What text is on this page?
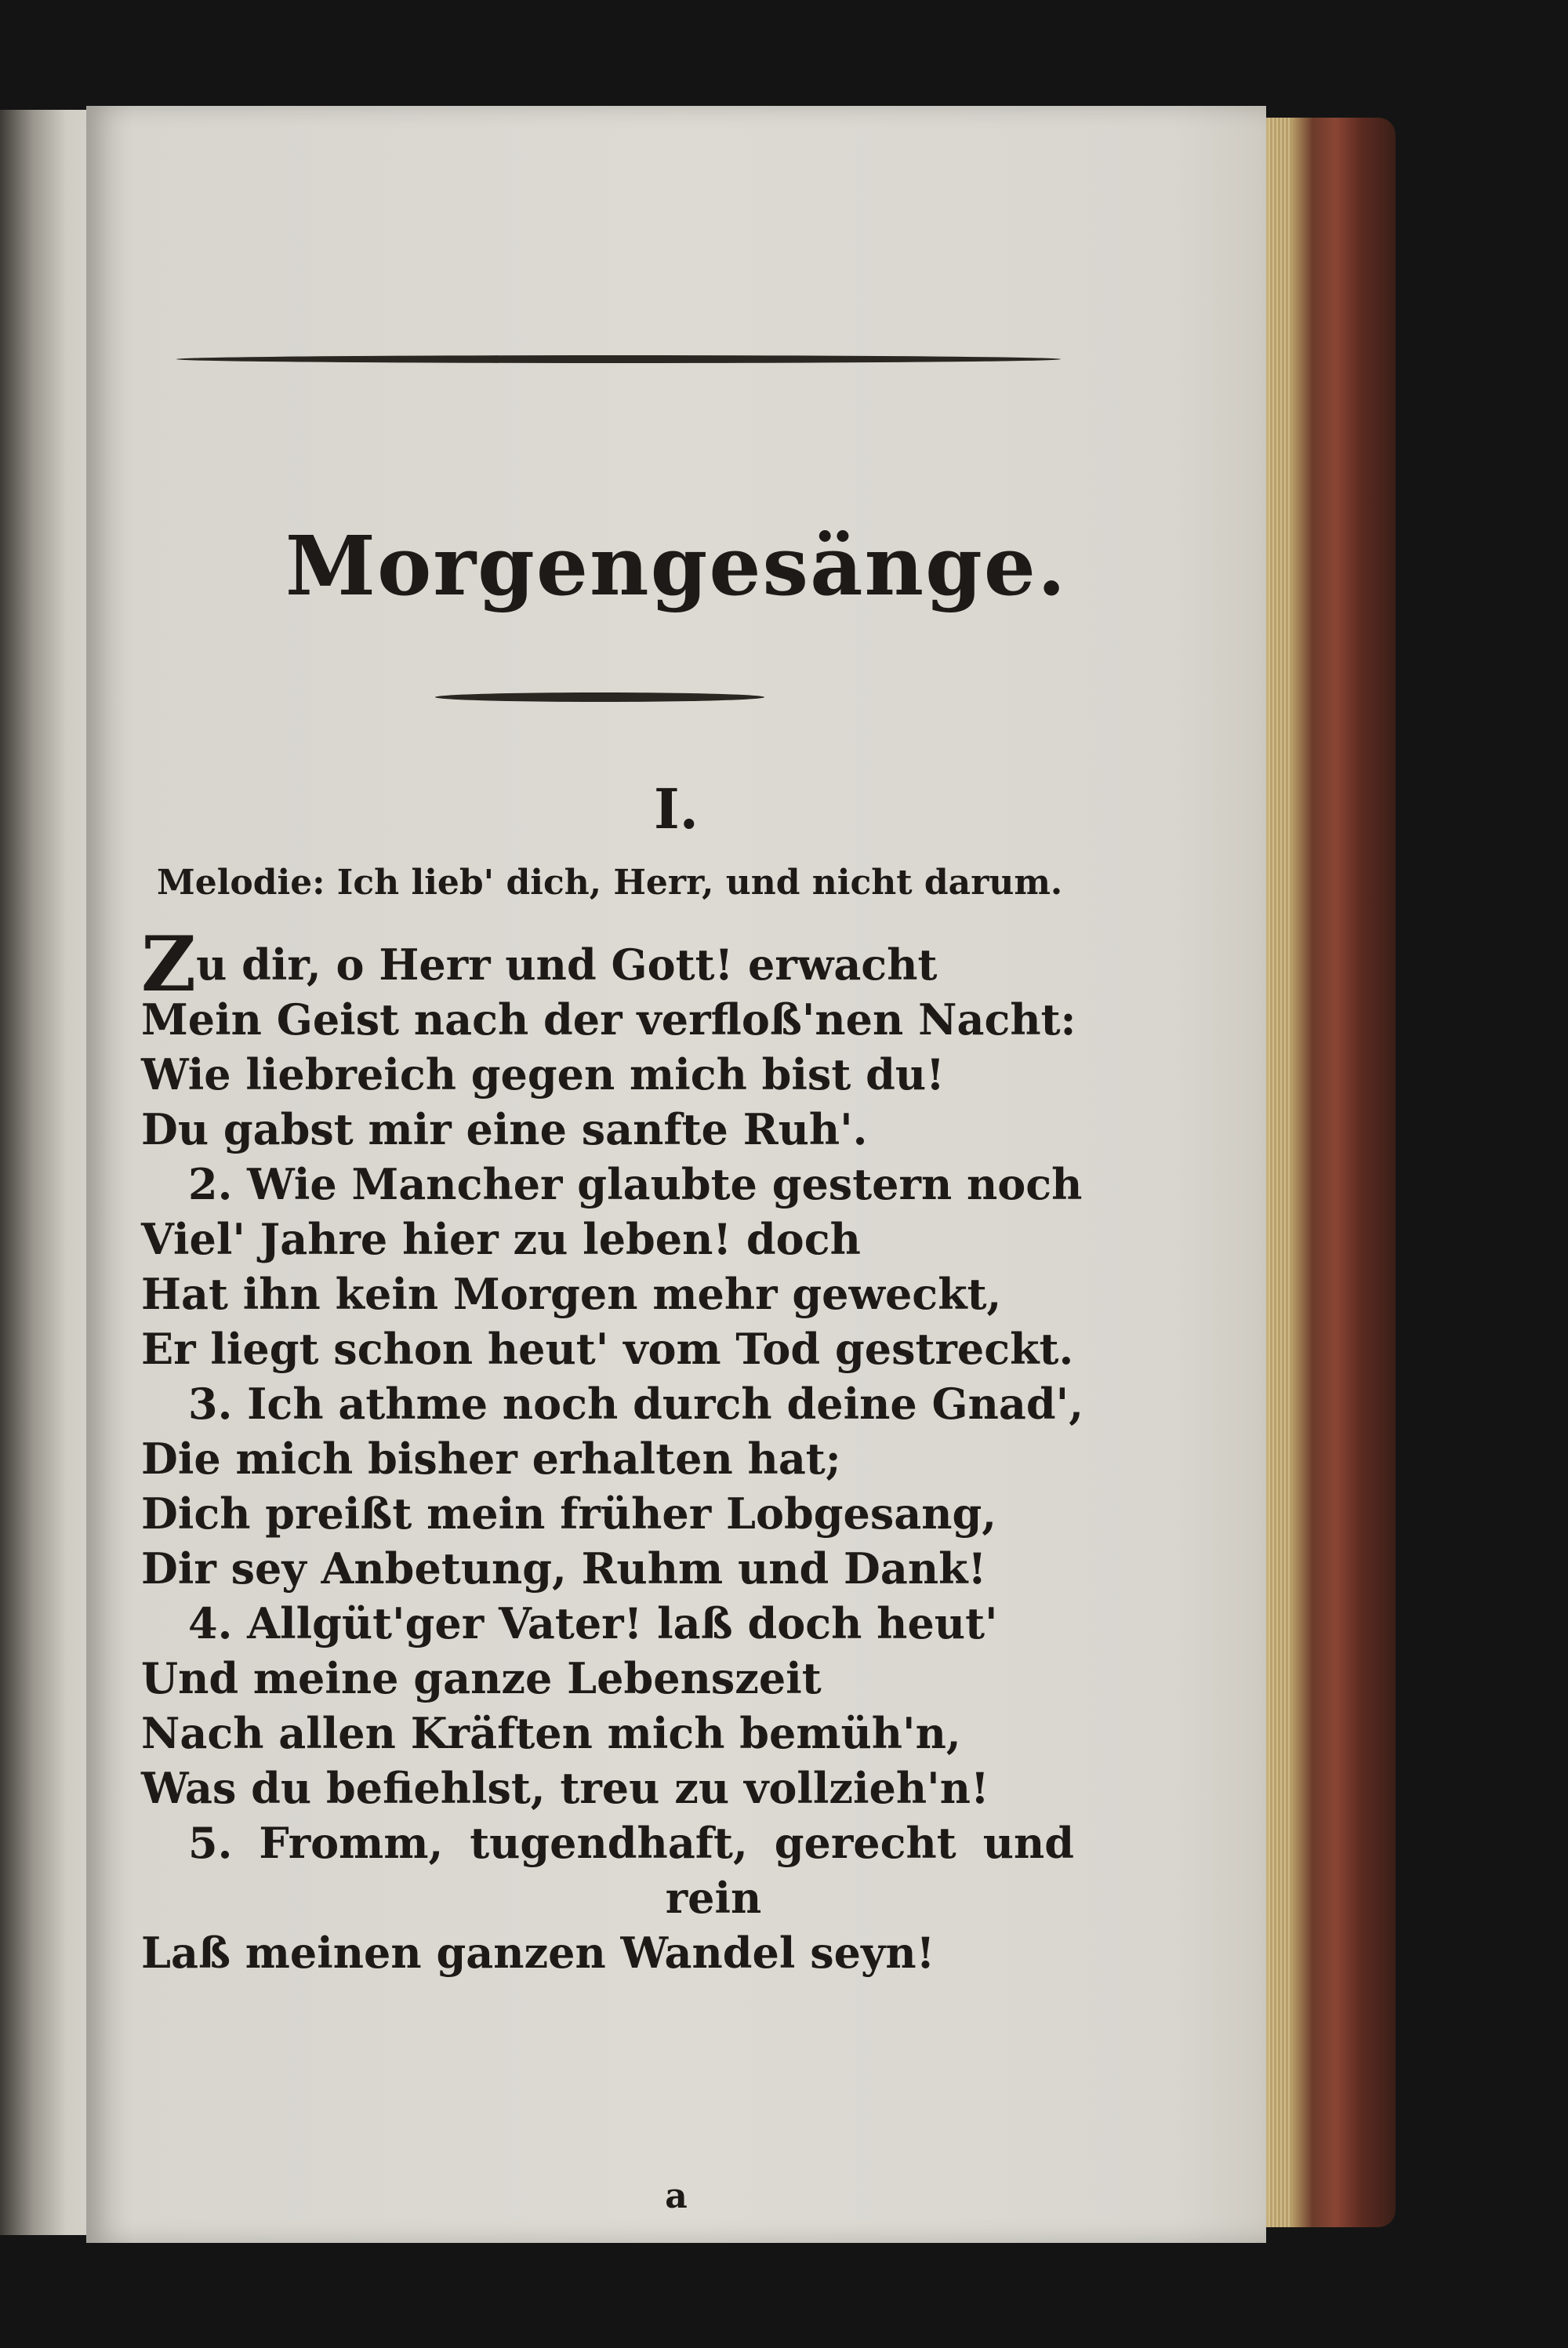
Morgengesänge.
I.
Melodie: Ich lieb' dich, Herr, und nicht darum.
Zu dir, o Herr und Gott! erwacht
Mein Geist nach der verfloß'nen Nacht:
Wie liebreich gegen mich bist du!
Du gabst mir eine sanfte Ruh'.
2. Wie Mancher glaubte gestern noch
Viel' Jahre hier zu leben! doch
Hat ihn kein Morgen mehr geweckt,
Er liegt schon heut' vom Tod gestreckt.
3. Ich athme noch durch deine Gnad',
Die mich bisher erhalten hat;
Dich preißt mein früher Lobgesang,
Dir sey Anbetung, Ruhm und Dank!
4. Allgüt'ger Vater! laß doch heut'
Und meine ganze Lebenszeit
Nach allen Kräften mich bemüh'n,
Was du befiehlst, treu zu vollzieh'n!
5. Fromm, tugendhaft, gerecht und
rein
Laß meinen ganzen Wandel seyn!
a
